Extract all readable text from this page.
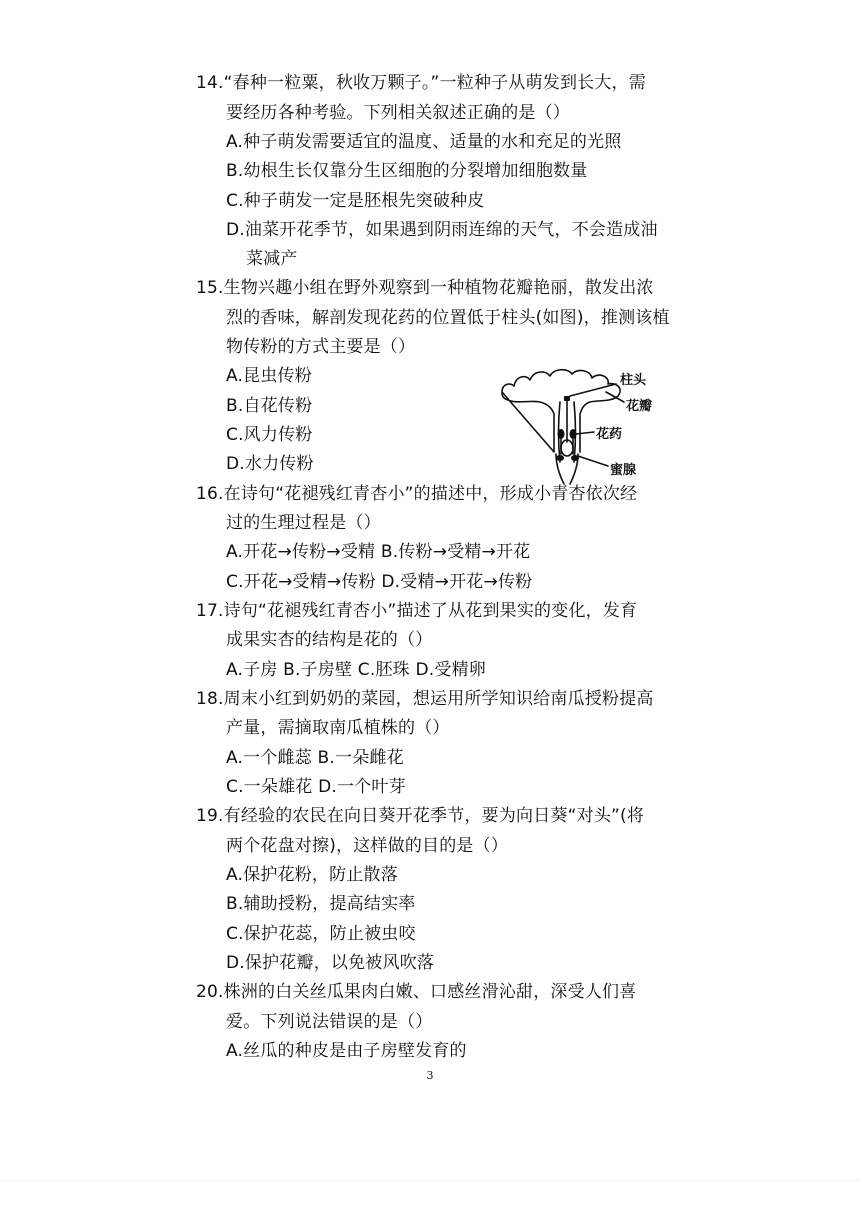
14.“春种一粒粟，秋收万颗子。”一粒种子从萌发到长大，需
要经历各种考验。下列相关叙述正确的是（）
A.种子萌发需要适宜的温度、适量的水和充足的光照
B.幼根生长仅靠分生区细胞的分裂增加细胞数量
C.种子萌发一定是胚根先突破种皮
D.油菜开花季节，如果遇到阴雨连绵的天气，不会造成油
菜减产
15.生物兴趣小组在野外观察到一种植物花瓣艳丽，散发出浓
烈的香味，解剖发现花药的位置低于柱头(如图)，推测该植
物传粉的方式主要是（）
A.昆虫传粉
B.自花传粉
C.风力传粉
D.水力传粉
柱头
花瓣
花药
蜜腺
16.在诗句“花褪残红青杏小”的描述中，形成小青杏依次经
过的生理过程是（）
A.开花→传粉→受精 B.传粉→受精→开花
C.开花→受精→传粉 D.受精→开花→传粉
17.诗句“花褪残红青杏小”描述了从花到果实的变化，发育
成果实杏的结构是花的（）
A.子房 B.子房壁 C.胚珠 D.受精卵
18.周末小红到奶奶的菜园，想运用所学知识给南瓜授粉提高
产量，需摘取南瓜植株的（）
A.一个雌蕊 B.一朵雌花
C.一朵雄花 D.一个叶芽
19.有经验的农民在向日葵开花季节，要为向日葵“对头”(将
两个花盘对擦)，这样做的目的是（）
A.保护花粉，防止散落
B.辅助授粉，提高结实率
C.保护花蕊，防止被虫咬
D.保护花瓣，以免被风吹落
20.株洲的白关丝瓜果肉白嫩、口感丝滑沁甜，深受人们喜
爱。下列说法错误的是（）
A.丝瓜的种皮是由子房壁发育的
3
